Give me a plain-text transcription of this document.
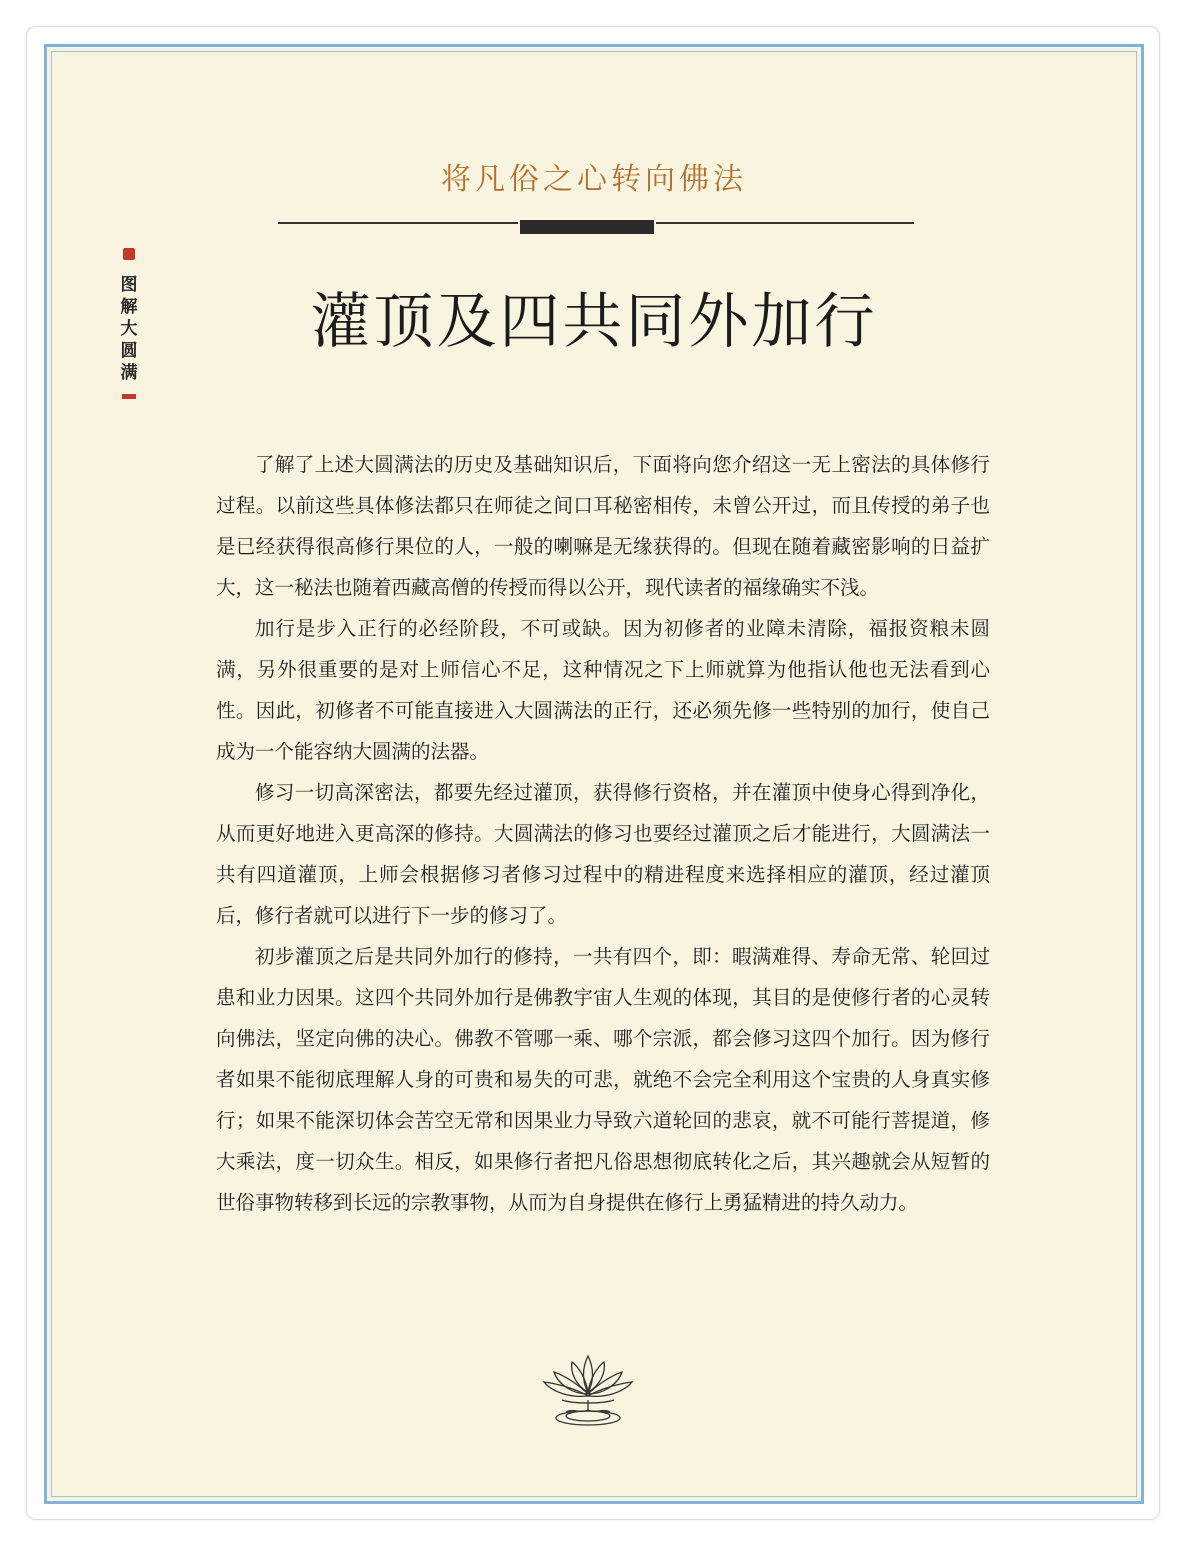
将凡俗之心转向佛法
图解大圆满
灌顶及四共同外加行

了解了上述大圆满法的历史及基础知识后，下面将向您介绍这一无上密法的具体修行过程。以前这些具体修法都只在师徒之间口耳秘密相传，未曾公开过，而且传授的弟子也是已经获得很高修行果位的人，一般的喇嘛是无缘获得的。但现在随着藏密影响的日益扩大，这一秘法也随着西藏高僧的传授而得以公开，现代读者的福缘确实不浅。

加行是步入正行的必经阶段，不可或缺。因为初修者的业障未清除，福报资粮未圆满，另外很重要的是对上师信心不足，这种情况之下上师就算为他指认他也无法看到心性。因此，初修者不可能直接进入大圆满法的正行，还必须先修一些特别的加行，使自己成为一个能容纳大圆满的法器。

修习一切高深密法，都要先经过灌顶，获得修行资格，并在灌顶中使身心得到净化，从而更好地进入更高深的修持。大圆满法的修习也要经过灌顶之后才能进行，大圆满法一共有四道灌顶，上师会根据修习者修习过程中的精进程度来选择相应的灌顶，经过灌顶后，修行者就可以进行下一步的修习了。

初步灌顶之后是共同外加行的修持，一共有四个，即：暇满难得、寿命无常、轮回过患和业力因果。这四个共同外加行是佛教宇宙人生观的体现，其目的是使修行者的心灵转向佛法，坚定向佛的决心。佛教不管哪一乘、哪个宗派，都会修习这四个加行。因为修行者如果不能彻底理解人身的可贵和易失的可悲，就绝不会完全利用这个宝贵的人身真实修行；如果不能深切体会苦空无常和因果业力导致六道轮回的悲哀，就不可能行菩提道，修大乘法，度一切众生。相反，如果修行者把凡俗思想彻底转化之后，其兴趣就会从短暂的世俗事物转移到长远的宗教事物，从而为自身提供在修行上勇猛精进的持久动力。
